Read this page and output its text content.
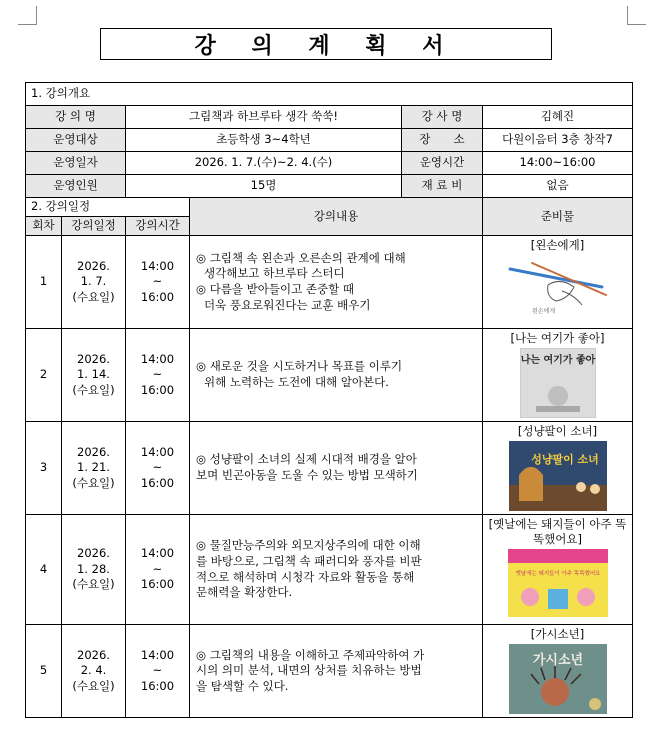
강 의 계 획 서
1. 강의개요					
강 의 명		그림책과 하브루타 생각 쑥쑥!		강 사 명	김혜진
운영대상		초등학생 3~4학년		장　　소	다원이음터 3층 창작7
운영일자		2026. 1. 7.(수)~2. 4.(수)		운영시간	14:00~16:00
운영인원		15명		재 료 비	없음
2. 강의일정			강의내용		준비물
회차	강의일정	강의시간			
1	2026.
1. 7.
(수요일)	14:00
~
16:00	◎ 그림책 속 왼손과 오른손의 관계에 대해
생각해보고 하브루타 스터디
◎ 다름을 받아들이고 존중할 때
더욱 풍요로워진다는 교훈 배우기		[왼손에게]
왼손에게

2	2026.
1. 14.
(수요일)	14:00
~
16:00	◎ 새로운 것을 시도하거나 목표를 이루기
위해 노력하는 도전에 대해 알아본다.		[나는 여기가 좋아]
나는 여기가 좋아

3	2026.
1. 21.
(수요일)	14:00
~
16:00	◎ 성냥팔이 소녀의 실제 시대적 배경을 알아
보며 빈곤아동을 도울 수 있는 방법 모색하기		[성냥팔이 소녀]
성냥팔이 소녀

4	2026.
1. 28.
(수요일)	14:00
~
16:00	◎ 물질만능주의와 외모지상주의에 대한 이해
를 바탕으로, 그림책 속 패러디와 풍자를 비판
적으로 해석하며 시청각 자료와 활동을 통해
문해력을 확장한다.		[옛날에는 돼지들이 아주 똑똑했어요]
옛날에는 돼지들이 아주 똑똑했어요

5	2026.
2. 4.
(수요일)	14:00
~
16:00	◎ 그림책의 내용을 이해하고 주제파악하여 가
시의 의미 분석, 내면의 상처를 치유하는 방법
을 탐색할 수 있다.		[가시소년]
가시소년
